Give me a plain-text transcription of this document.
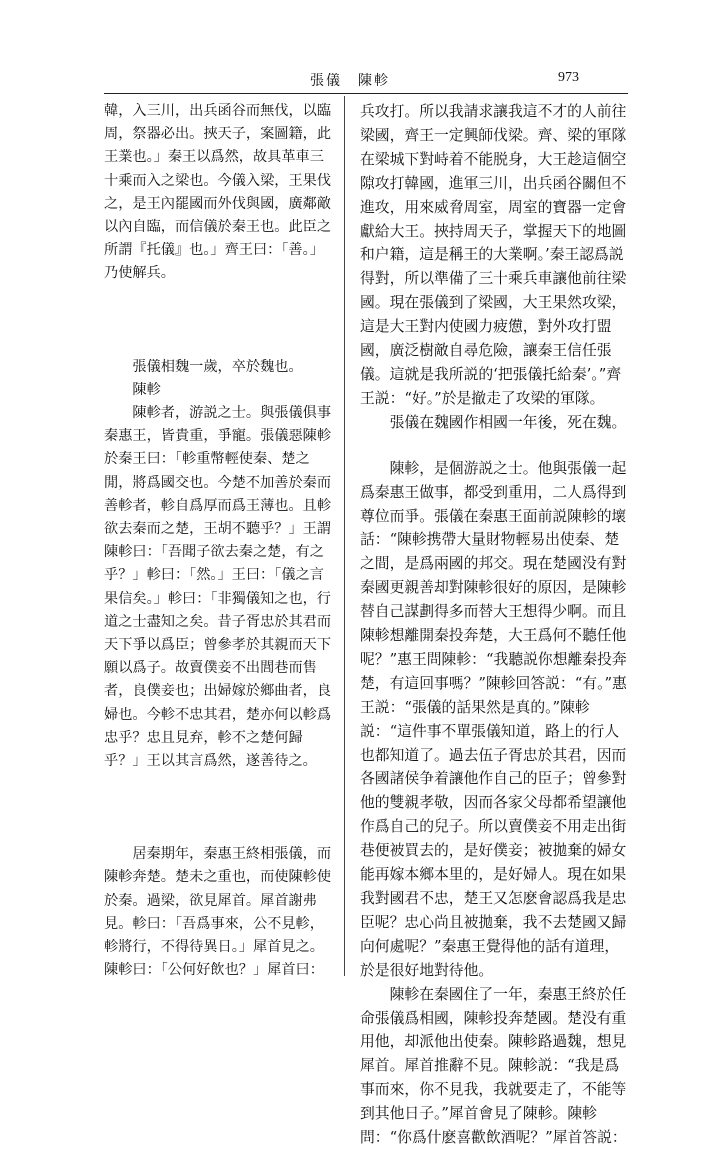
張儀　陳軫	973

韓，入三川，出兵函谷而無伐，以臨周，祭器必出。挾天子，案圖籍，此王業也。」秦王以爲然，故具革車三十乘而入之梁也。今儀入梁，王果伐之，是王內罷國而外伐與國，廣鄰敵以內自臨，而信儀於秦王也。此臣之所謂『托儀』也。」齊王曰：「善。」乃使解兵。

張儀相魏一歲，卒於魏也。

陳軫

陳軫者，游説之士。與張儀俱事秦惠王，皆貴重，爭寵。張儀惡陳軫於秦王曰：「軫重幣輕使秦、楚之閒，將爲國交也。今楚不加善於秦而善軫者，軫自爲厚而爲王薄也。且軫欲去秦而之楚，王胡不聽乎？」王謂陳軫曰：「吾聞子欲去秦之楚，有之乎？」軫曰：「然。」王曰：「儀之言果信矣。」軫曰：「非獨儀知之也，行道之士盡知之矣。昔子胥忠於其君而天下爭以爲臣；曾參孝於其親而天下願以爲子。故賣僕妾不出閭巷而售者，良僕妾也；出婦嫁於鄉曲者，良婦也。今軫不忠其君，楚亦何以軫爲忠乎？忠且見弃，軫不之楚何歸乎？」王以其言爲然，遂善待之。

居秦期年，秦惠王終相張儀，而陳軫奔楚。楚未之重也，而使陳軫使於秦。過梁，欲見犀首。犀首謝弗見。軫曰：「吾爲事來，公不見軫，軫將行，不得待異日。」犀首見之。陳軫曰：「公何好飲也？」犀首曰：

兵攻打。所以我請求讓我這不才的人前往梁國，齊王一定興師伐梁。齊、梁的軍隊在梁城下對峙着不能脱身，大王趁這個空隙攻打韓國，進軍三川，出兵函谷關但不進攻，用來威脅周室，周室的寶器一定會獻給大王。挾持周天子，掌握天下的地圖和户籍，這是稱王的大業啊。’秦王認爲説得對，所以準備了三十乘兵車讓他前往梁國。現在張儀到了梁國，大王果然攻梁，這是大王對内使國力疲憊，對外攻打盟國，廣泛樹敵自尋危險，讓秦王信任張儀。這就是我所説的‘把張儀托給秦’。”齊王説：“好。”於是撤走了攻梁的軍隊。

張儀在魏國作相國一年後，死在魏。

陳軫，是個游説之士。他與張儀一起爲秦惠王做事，都受到重用，二人爲得到尊位而爭。張儀在秦惠王面前説陳軫的壞話：“陳軫携帶大量財物輕易出使秦、楚之間，是爲兩國的邦交。現在楚國没有對秦國更親善却對陳軫很好的原因，是陳軫替自己謀劃得多而替大王想得少啊。而且陳軫想離開秦投奔楚，大王爲何不聽任他呢？”惠王問陳軫：“我聽説你想離秦投奔楚，有這回事嗎？”陳軫回答説：“有。”惠王説：“張儀的話果然是真的。”陳軫説：“這件事不單張儀知道，路上的行人也都知道了。過去伍子胥忠於其君，因而各國諸侯争着讓他作自己的臣子；曾參對他的雙親孝敬，因而各家父母都希望讓他作爲自己的兒子。所以賣僕妾不用走出街巷便被買去的，是好僕妾；被拋棄的婦女能再嫁本鄉本里的，是好婦人。現在如果我對國君不忠，楚王又怎麽會認爲我是忠臣呢？忠心尚且被拋棄，我不去楚國又歸向何處呢？”秦惠王覺得他的話有道理，於是很好地對待他。

陳軫在秦國住了一年，秦惠王終於任命張儀爲相國，陳軫投奔楚國。楚没有重用他，却派他出使秦。陳軫路過魏，想見犀首。犀首推辭不見。陳軫説：“我是爲事而來，你不見我，我就要走了，不能等到其他日子。”犀首會見了陳軫。陳軫問：“你爲什麽喜歡飲酒呢？”犀首答説：
